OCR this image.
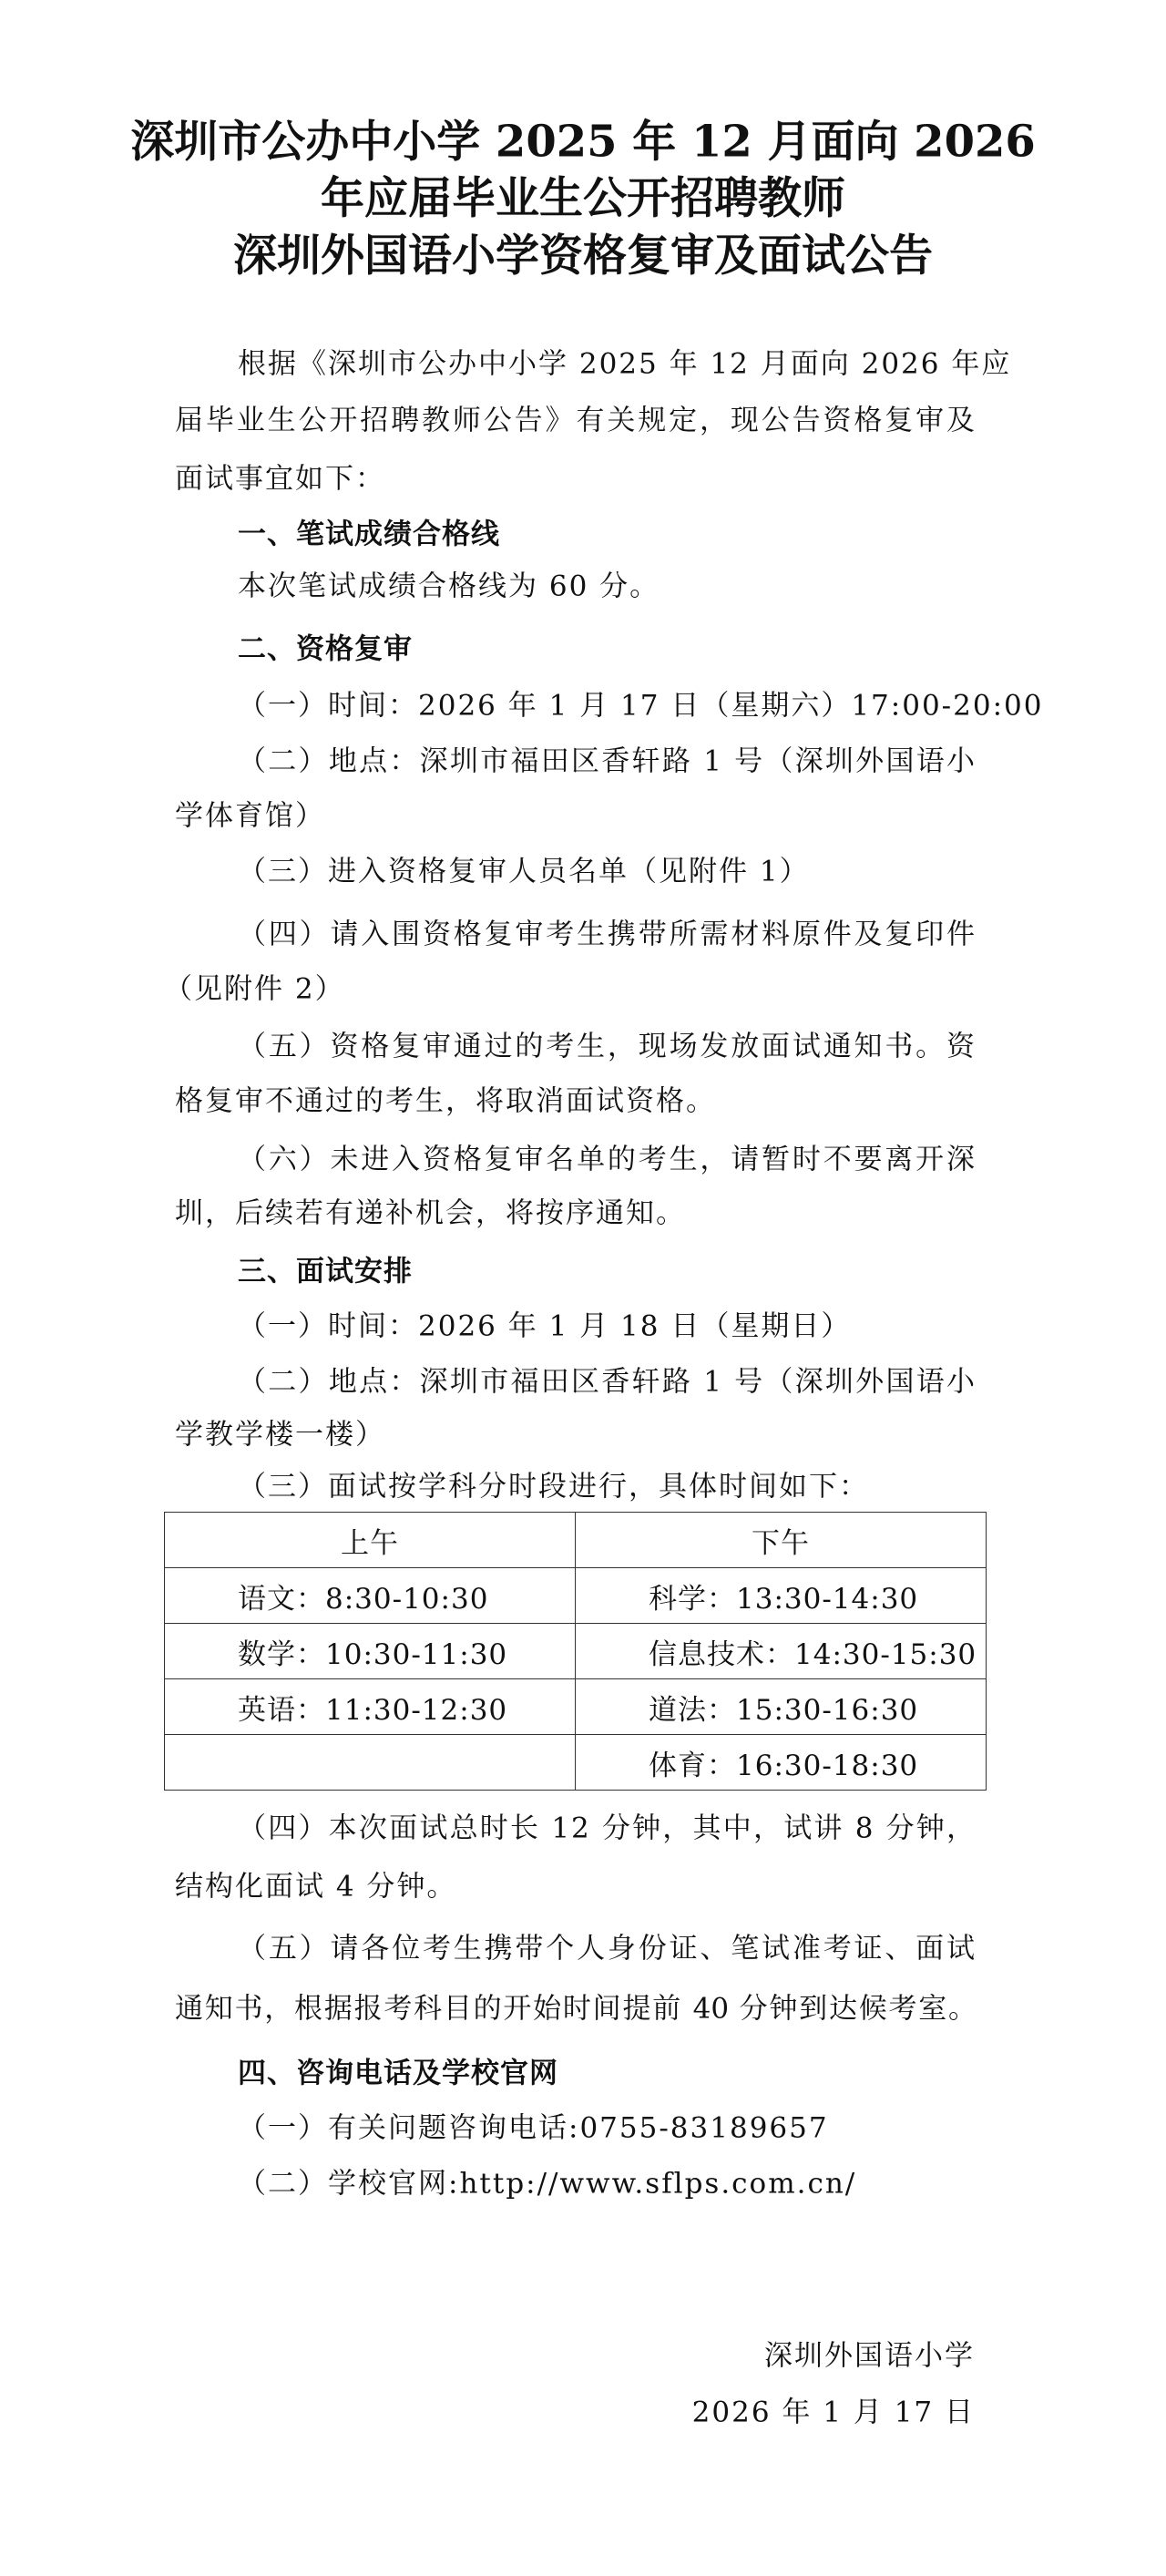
深圳市公办中小学 2025 年 12 月面向 2026
年应届毕业生公开招聘教师
深圳外国语小学资格复审及面试公告
根据《深圳市公办中小学 2025 年 12 月面向 2026 年应
届毕业生公开招聘教师公告》有关规定，现公告资格复审及
面试事宜如下：
一、笔试成绩合格线
本次笔试成绩合格线为 60 分。
二、资格复审
（一）时间：2026 年 1 月 17 日（星期六）17:00-20:00
（二）地点：深圳市福田区香轩路 1 号（深圳外国语小
学体育馆）
（三）进入资格复审人员名单（见附件 1）
（四）请入围资格复审考生携带所需材料原件及复印件
（见附件 2）
（五）资格复审通过的考生，现场发放面试通知书。资
格复审不通过的考生，将取消面试资格。
（六）未进入资格复审名单的考生，请暂时不要离开深
圳，后续若有递补机会，将按序通知。
三、面试安排
（一）时间：2026 年 1 月 18 日（星期日）
（二）地点：深圳市福田区香轩路 1 号（深圳外国语小
学教学楼一楼）
（三）面试按学科分时段进行，具体时间如下：
上午	下午
语文：8:30-10:30	科学：13:30-14:30
数学：10:30-11:30	信息技术：14:30-15:30
英语：11:30-12:30	道法：15:30-16:30
	体育：16:30-18:30
（四）本次面试总时长 12 分钟，其中，试讲 8 分钟，
结构化面试 4 分钟。
（五）请各位考生携带个人身份证、笔试准考证、面试
通知书，根据报考科目的开始时间提前 40 分钟到达候考室。
四、咨询电话及学校官网
（一）有关问题咨询电话:0755-83189657
（二）学校官网:http://www.sflps.com.cn/
深圳外国语小学
2026 年 1 月 17 日
